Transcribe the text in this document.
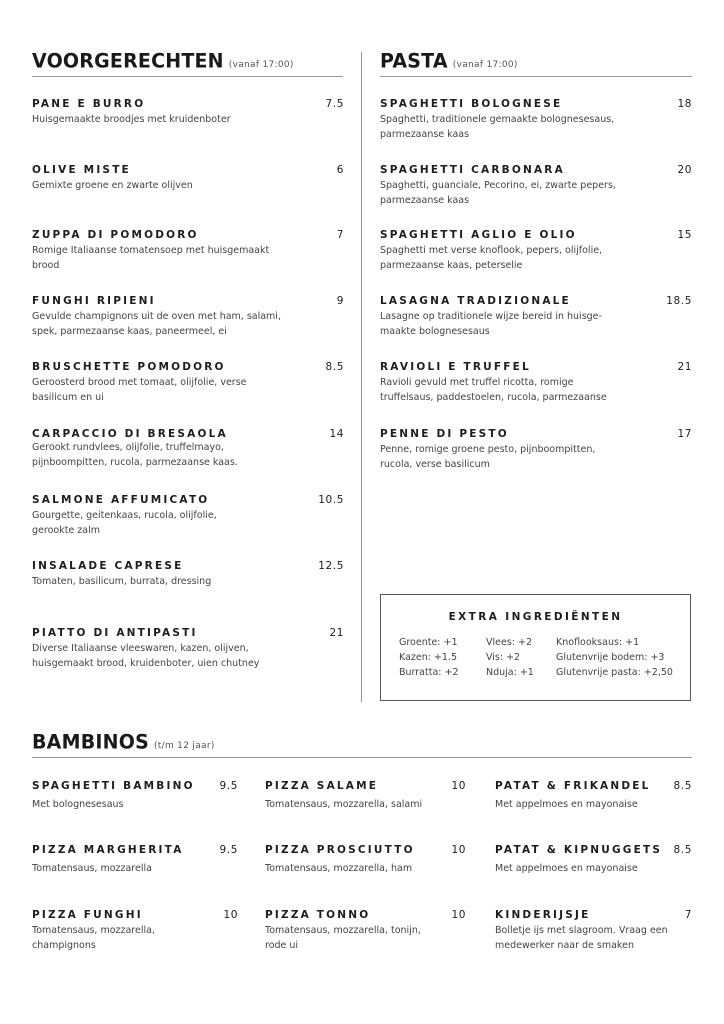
VOORGERECHTEN (vanaf 17:00)	PASTA (vanaf 17:00)
PANE E BURRO	7.5
Huisgemaakte broodjes met kruidenboter
OLIVE MISTE	6
Gemixte groene en zwarte olijven
ZUPPA DI POMODORO	7
Romige Italiaanse tomatensoep met huisgemaakt
brood
FUNGHI RIPIENI	9
Gevulde champignons uit de oven met ham, salami,
spek, parmezaanse kaas, paneermeel, ei
BRUSCHETTE POMODORO	8.5
Geroosterd brood met tomaat, olijfolie, verse
basilicum en ui
CARPACCIO DI BRESAOLA	14
Gerookt rundvlees, olijfolie, truffelmayo,
pijnboompitten, rucola, parmezaanse kaas.
SALMONE AFFUMICATO	10.5
Gourgette, geitenkaas, rucola, olijfolie,
gerookte zalm
INSALADE CAPRESE	12.5
Tomaten, basilicum, burrata, dressing
PIATTO DI ANTIPASTI	21
Diverse Italiaanse vleeswaren, kazen, olijven,
huisgemaakt brood, kruidenboter, uien chutney
SPAGHETTI BOLOGNESE	18
Spaghetti, traditionele gemaakte bolognesesaus,
parmezaanse kaas
SPAGHETTI CARBONARA	20
Spaghetti, guanciale, Pecorino, ei, zwarte pepers,
parmezaanse kaas
SPAGHETTI AGLIO E OLIO	15
Spaghetti met verse knoflook, pepers, olijfolie,
parmezaanse kaas, peterselie
LASAGNA TRADIZIONALE	18.5
Lasagne op traditionele wijze bereid in huisge-
maakte bolognesesaus
RAVIOLI E TRUFFEL	21
Ravioli gevuld met truffel ricotta, romige
truffelsaus, paddestoelen, rucola, parmezaanse
PENNE DI PESTO	17
Penne, romige groene pesto, pijnboompitten,
rucola, verse basilicum
EXTRA INGREDIËNTEN
Groente: +1	Vlees: +2	Knoflooksaus: +1
Kazen: +1.5	Vis: +2	Glutenvrije bodem: +3
Burratta: +2	Nduja: +1 Glutenvrije pasta: +2,50
BAMBINOS (t/m 12 jaar)
SPAGHETTI BAMBINO	9.5
Met bolognesesaus
PIZZA MARGHERITA	9.5
Tomatensaus, mozzarella
PIZZA FUNGHI	10
Tomatensaus, mozzarella,
champignons
PIZZA SALAME	10
Tomatensaus, mozzarella, salami
PIZZA PROSCIUTTO	10
Tomatensaus, mozzarella, ham
PIZZA TONNO	10
Tomatensaus, mozzarella, tonijn,
rode ui
PATAT & FRIKANDEL	8.5
Met appelmoes en mayonaise
PATAT & KIPNUGGETS	8.5
Met appelmoes en mayonaise
KINDERIJSJE	7
Bolletje ijs met slagroom. Vraag een
medewerker naar de smaken
